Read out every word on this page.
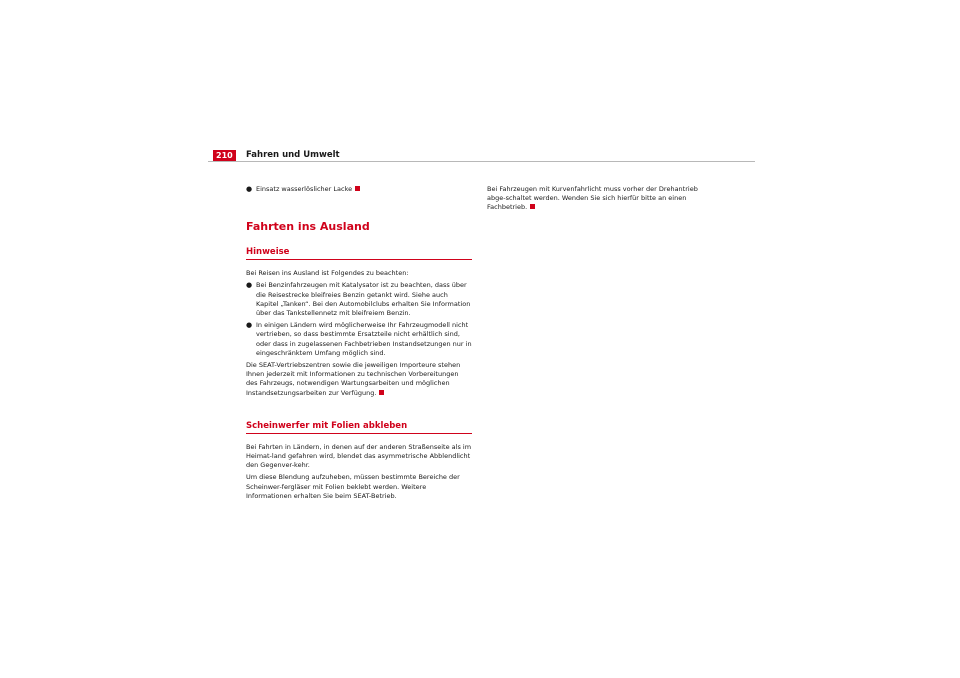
210	Fahren und Umwelt

● Einsatz wasserlöslicher Lacke

Fahrten ins Ausland
Hinweise

Bei Reisen ins Ausland ist Folgendes zu beachten:

● Bei Benzinfahrzeugen mit Katalysator ist zu beachten, dass über die Reisestrecke bleifreies Benzin getankt wird. Siehe auch Kapitel „Tanken“. Bei den Automobilclubs erhalten Sie Information über das Tankstellennetz mit bleifreiem Benzin.

● In einigen Ländern wird möglicherweise Ihr Fahrzeugmodell nicht vertrieben, so dass bestimmte Ersatzteile nicht erhältlich sind, oder dass in zugelassenen Fachbetrieben Instandsetzungen nur in eingeschränktem Umfang möglich sind.

Die SEAT-Vertriebszentren sowie die jeweiligen Importeure stehen Ihnen jederzeit mit Informationen zu technischen Vorbereitungen des Fahrzeugs, notwendigen Wartungsarbeiten und möglichen Instandsetzungsarbeiten zur Verfügung.

Scheinwerfer mit Folien abkleben

Bei Fahrten in Ländern, in denen auf der anderen Straßenseite als im Heimat-land gefahren wird, blendet das asymmetrische Abblendlicht den Gegenver-kehr.

Um diese Blendung aufzuheben, müssen bestimmte Bereiche der Scheinwer-fergläser mit Folien beklebt werden. Weitere Informationen erhalten Sie beim SEAT-Betrieb.

Bei Fahrzeugen mit Kurvenfahrlicht muss vorher der Drehantrieb abge-schaltet werden. Wenden Sie sich hierfür bitte an einen Fachbetrieb.
